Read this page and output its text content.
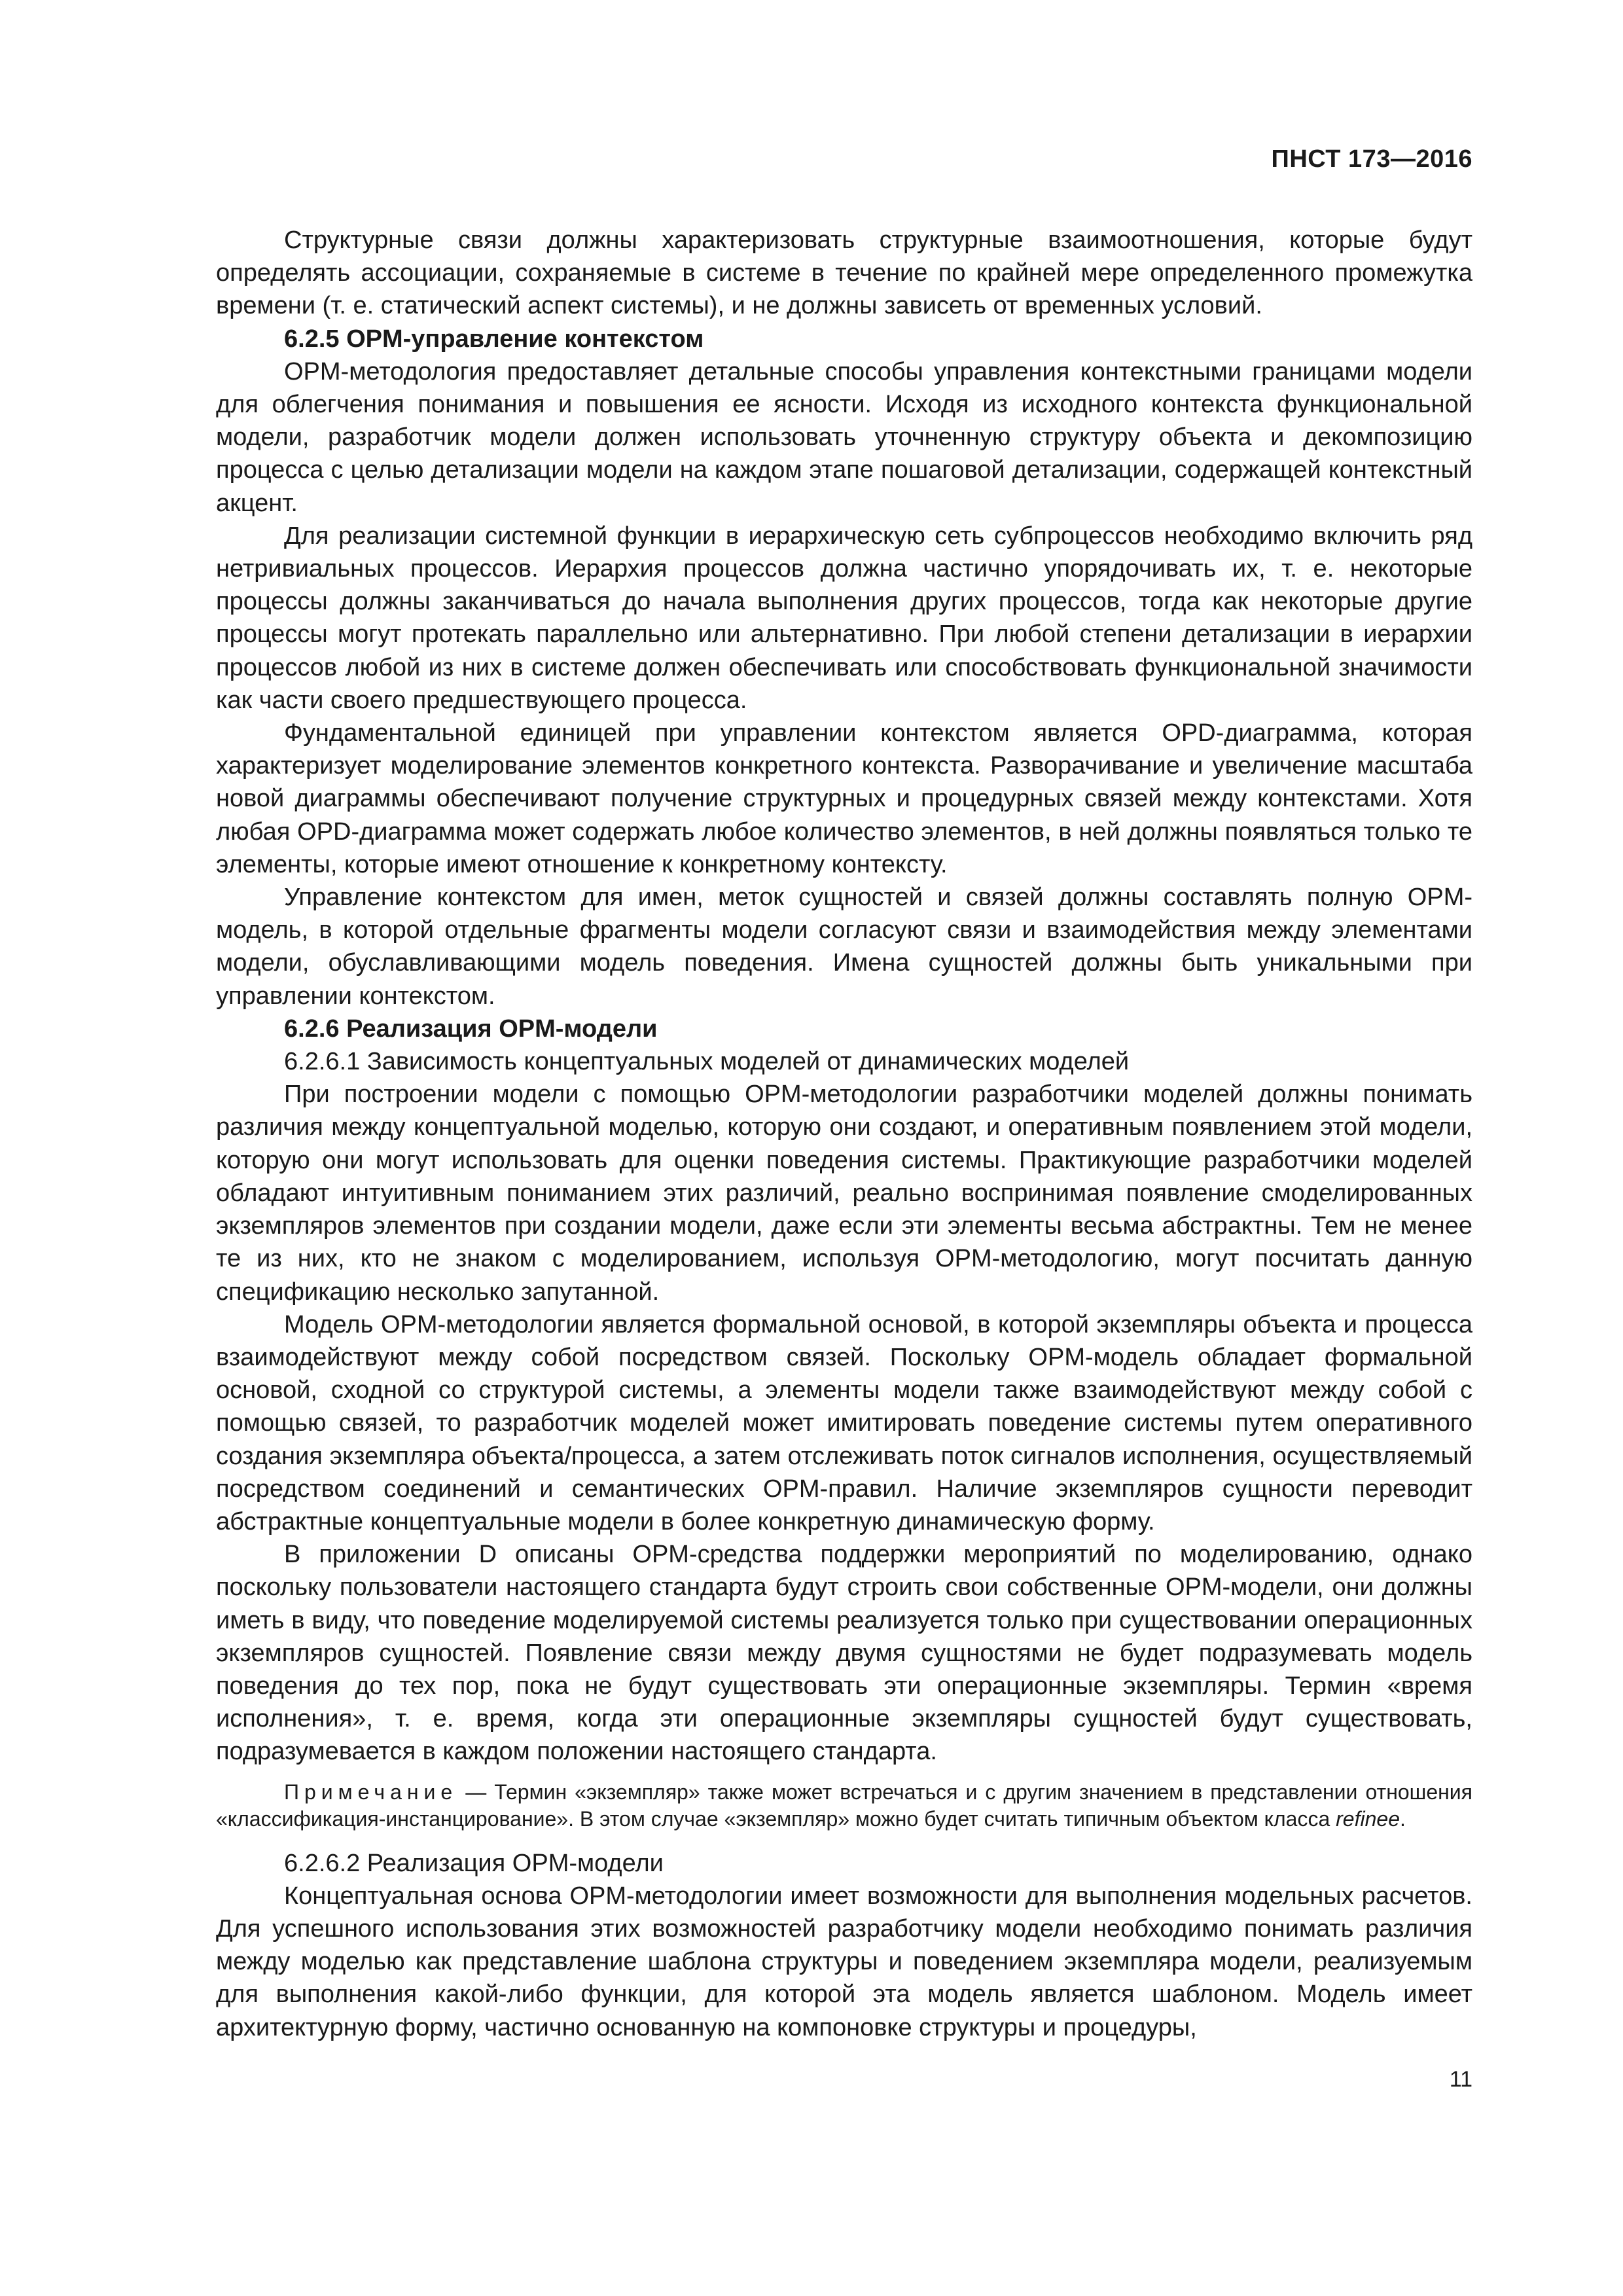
ПНСТ 173—2016

Структурные связи должны характеризовать структурные взаимоотношения, которые будут определять ассоциации, сохраняемые в системе в течение по крайней мере определенного промежутка времени (т. е. статический аспект системы), и не должны зависеть от временных условий.

6.2.5 OPM-управление контекстом

OPM-методология предоставляет детальные способы управления контекстными границами модели для облегчения понимания и повышения ее ясности. Исходя из исходного контекста функциональной модели, разработчик модели должен использовать уточненную структуру объекта и декомпозицию процесса с целью детализации модели на каждом этапе пошаговой детализации, содержащей контекстный акцент.

Для реализации системной функции в иерархическую сеть субпроцессов необходимо включить ряд нетривиальных процессов. Иерархия процессов должна частично упорядочивать их, т. е. некоторые процессы должны заканчиваться до начала выполнения других процессов, тогда как некоторые другие процессы могут протекать параллельно или альтернативно. При любой степени детализации в иерархии процессов любой из них в системе должен обеспечивать или способствовать функциональной значимости как части своего предшествующего процесса.

Фундаментальной единицей при управлении контекстом является OPD-диаграмма, которая характеризует моделирование элементов конкретного контекста. Разворачивание и увеличение масштаба новой диаграммы обеспечивают получение структурных и процедурных связей между контекстами. Хотя любая OPD-диаграмма может содержать любое количество элементов, в ней должны появляться только те элементы, которые имеют отношение к конкретному контексту.

Управление контекстом для имен, меток сущностей и связей должны составлять полную OPM-модель, в которой отдельные фрагменты модели согласуют связи и взаимодействия между элементами модели, обуславливающими модель поведения. Имена сущностей должны быть уникальными при управлении контекстом.

6.2.6 Реализация OPM-модели

6.2.6.1 Зависимость концептуальных моделей от динамических моделей

При построении модели с помощью OPM-методологии разработчики моделей должны понимать различия между концептуальной моделью, которую они создают, и оперативным появлением этой модели, которую они могут использовать для оценки поведения системы. Практикующие разработчики моделей обладают интуитивным пониманием этих различий, реально воспринимая появление смоделированных экземпляров элементов при создании модели, даже если эти элементы весьма абстрактны. Тем не менее те из них, кто не знаком с моделированием, используя OPM-методологию, могут посчитать данную спецификацию несколько запутанной.

Модель OPM-методологии является формальной основой, в которой экземпляры объекта и процесса взаимодействуют между собой посредством связей. Поскольку OPM-модель обладает формальной основой, сходной со структурой системы, а элементы модели также взаимодействуют между собой с помощью связей, то разработчик моделей может имитировать поведение системы путем оперативного создания экземпляра объекта/процесса, а затем отслеживать поток сигналов исполнения, осуществляемый посредством соединений и семантических OPM-правил. Наличие экземпляров сущности переводит абстрактные концептуальные модели в более конкретную динамическую форму.

В приложении D описаны OPM-средства поддержки мероприятий по моделированию, однако поскольку пользователи настоящего стандарта будут строить свои собственные OPM-модели, они должны иметь в виду, что поведение моделируемой системы реализуется только при существовании операционных экземпляров сущностей. Появление связи между двумя сущностями не будет подразумевать модель поведения до тех пор, пока не будут существовать эти операционные экземпляры. Термин «время исполнения», т. е. время, когда эти операционные экземпляры сущностей будут существовать, подразумевается в каждом положении настоящего стандарта.

Примечание — Термин «экземпляр» также может встречаться и с другим значением в представлении отношения «классификация-инстанцирование». В этом случае «экземпляр» можно будет считать типичным объектом класса refinee.

6.2.6.2 Реализация OPM-модели

Концептуальная основа OPM-методологии имеет возможности для выполнения модельных расчетов. Для успешного использования этих возможностей разработчику модели необходимо понимать различия между моделью как представление шаблона структуры и поведением экземпляра модели, реализуемым для выполнения какой-либо функции, для которой эта модель является шаблоном. Модель имеет архитектурную форму, частично основанную на компоновке структуры и процедуры,

11
